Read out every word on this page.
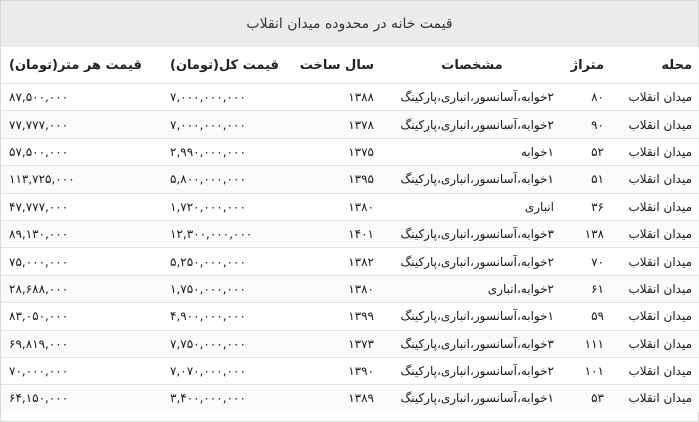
قیمت خانه در محدوده میدان انقلاب
محله	متراژ	مشخصات	سال ساخت	قیمت کل(تومان)	قیمت هر متر(تومان)
میدان انقلاب	۸۰	۲خوابه،آسانسور،انباری،پارکینگ	۱۳۸۸	۷,۰۰۰,۰۰۰,۰۰۰	۸۷,۵۰۰,۰۰۰
میدان انقلاب	۹۰	۲خوابه،آسانسور،انباری،پارکینگ	۱۳۷۸	۷,۰۰۰,۰۰۰,۰۰۰	۷۷,۷۷۷,۰۰۰
میدان انقلاب	۵۲	۱خوابه	۱۳۷۵	۲,۹۹۰,۰۰۰,۰۰۰	۵۷,۵۰۰,۰۰۰
میدان انقلاب	۵۱	۱خوابه،آسانسور،انباری،پارکینگ	۱۳۹۵	۵,۸۰۰,۰۰۰,۰۰۰	۱۱۳,۷۲۵,۰۰۰
میدان انقلاب	۳۶	انباری	۱۳۸۰	۱,۷۲۰,۰۰۰,۰۰۰	۴۷,۷۷۷,۰۰۰
میدان انقلاب	۱۳۸	۳خوابه،آسانسور،انباری،پارکینگ	۱۴۰۱	۱۲,۳۰۰,۰۰۰,۰۰۰	۸۹,۱۳۰,۰۰۰
میدان انقلاب	۷۰	۲خوابه،آسانسور،انباری،پارکینگ	۱۳۸۲	۵,۲۵۰,۰۰۰,۰۰۰	۷۵,۰۰۰,۰۰۰
میدان انقلاب	۶۱	۲خوابه،انباری	۱۳۸۰	۱,۷۵۰,۰۰۰,۰۰۰	۲۸,۶۸۸,۰۰۰
میدان انقلاب	۵۹	۱خوابه،آسانسور،انباری،پارکینگ	۱۳۹۹	۴,۹۰۰,۰۰۰,۰۰۰	۸۳,۰۵۰,۰۰۰
میدان انقلاب	۱۱۱	۳خوابه،آسانسور،انباری،پارکینگ	۱۳۷۳	۷,۷۵۰,۰۰۰,۰۰۰	۶۹,۸۱۹,۰۰۰
میدان انقلاب	۱۰۱	۲خوابه،آسانسور،انباری،پارکینگ	۱۳۹۰	۷,۰۷۰,۰۰۰,۰۰۰	۷۰,۰۰۰,۰۰۰
میدان انقلاب	۵۳	۱خوابه،آسانسور،انباری،پارکینگ	۱۳۸۹	۳,۴۰۰,۰۰۰,۰۰۰	۶۴,۱۵۰,۰۰۰
